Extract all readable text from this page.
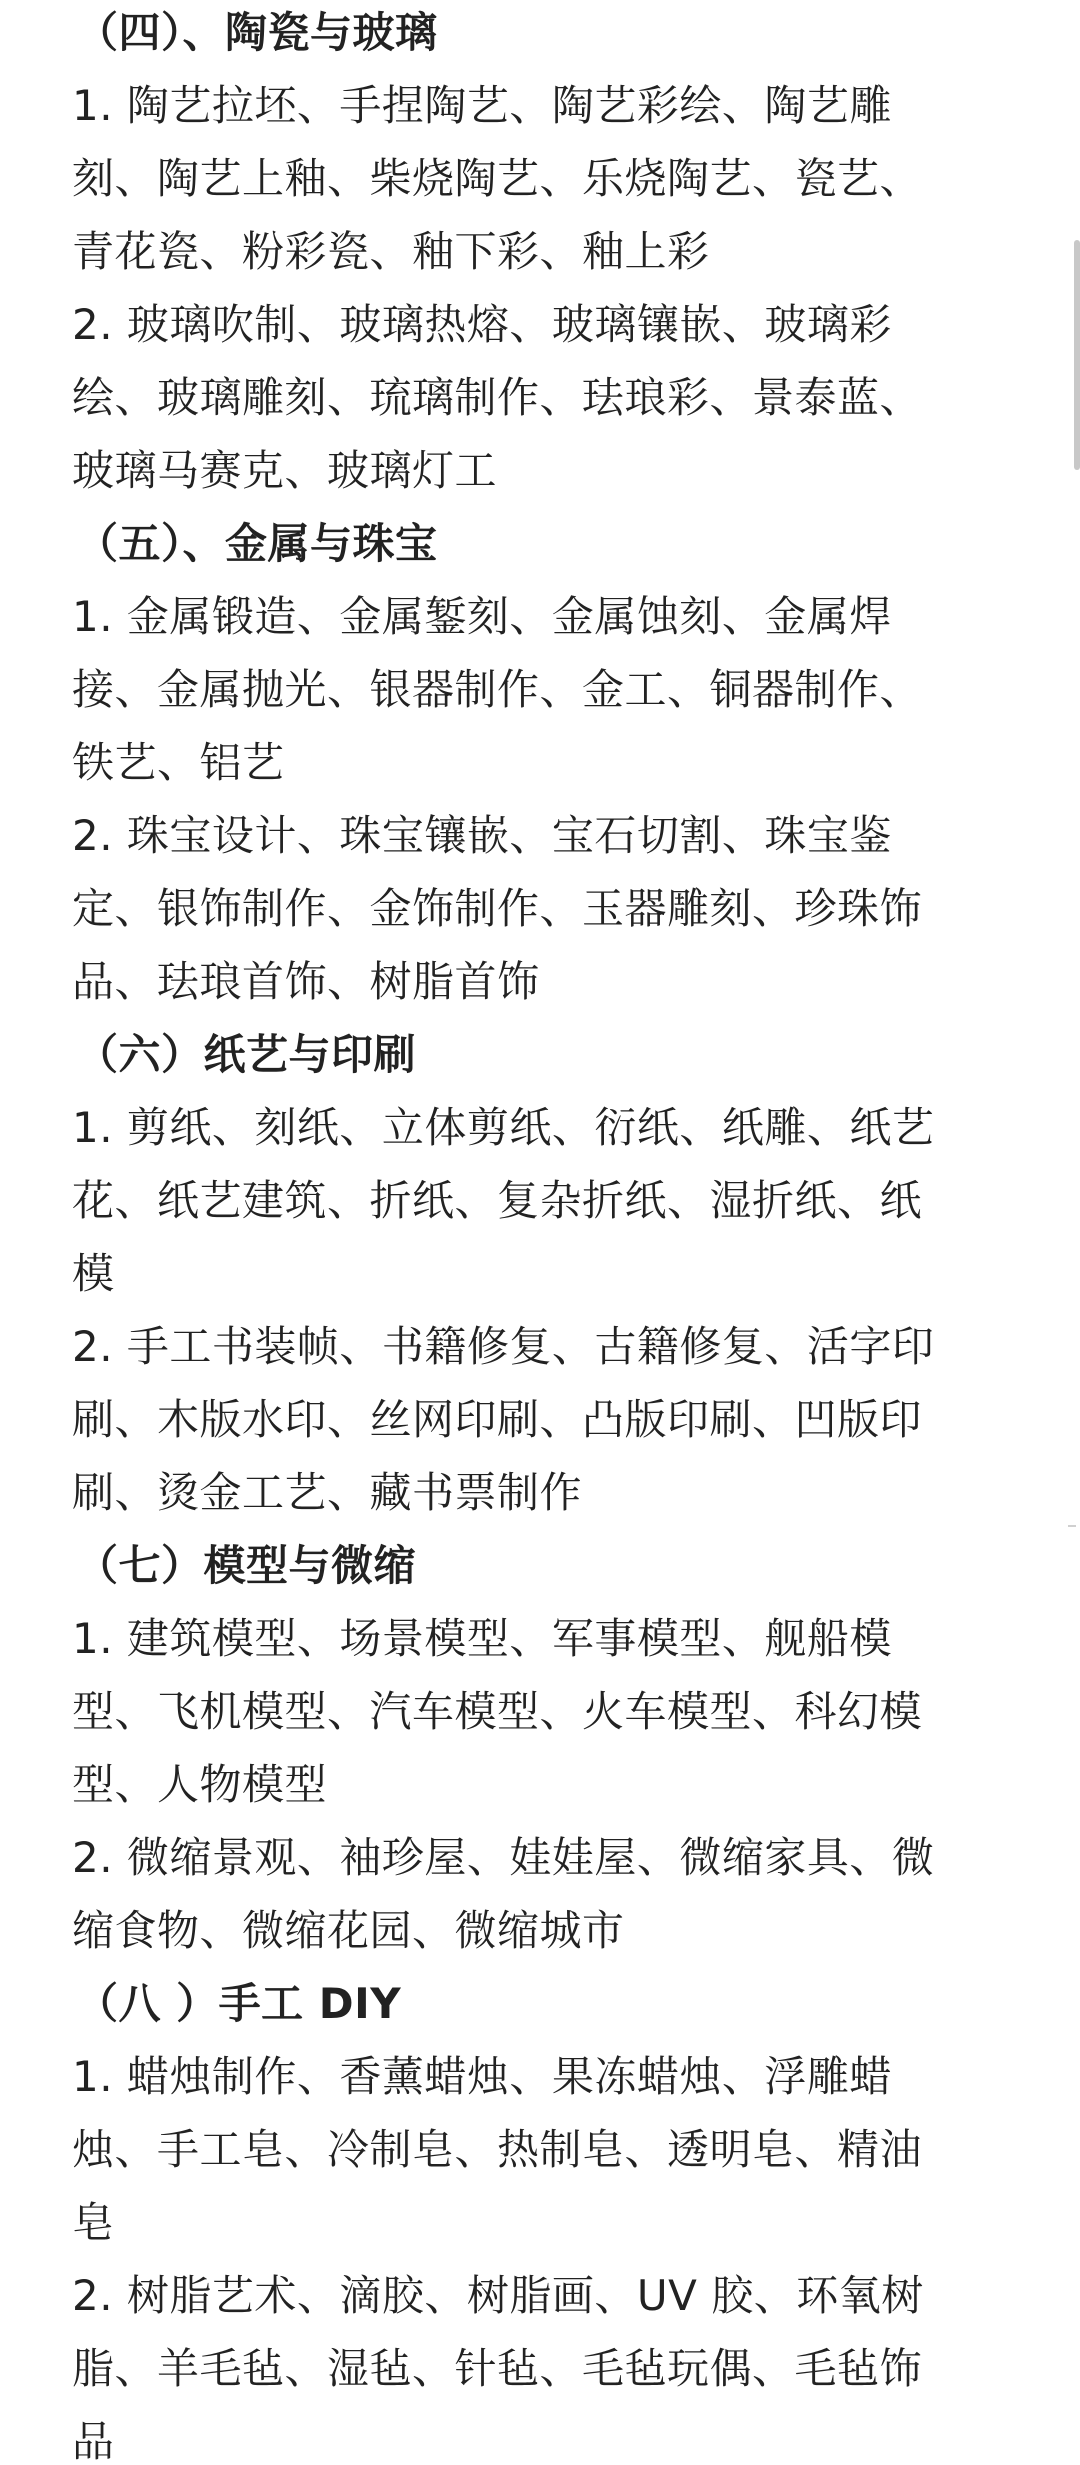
（四）、陶瓷与玻璃
1. 陶艺拉坯、手捏陶艺、陶艺彩绘、陶艺雕
刻、陶艺上釉、柴烧陶艺、乐烧陶艺、瓷艺、
青花瓷、粉彩瓷、釉下彩、釉上彩
2. 玻璃吹制、玻璃热熔、玻璃镶嵌、玻璃彩
绘、玻璃雕刻、琉璃制作、珐琅彩、景泰蓝、
玻璃马赛克、玻璃灯工
（五）、金属与珠宝
1. 金属锻造、金属錾刻、金属蚀刻、金属焊
接、金属抛光、银器制作、金工、铜器制作、
铁艺、铝艺
2. 珠宝设计、珠宝镶嵌、宝石切割、珠宝鉴
定、银饰制作、金饰制作、玉器雕刻、珍珠饰
品、珐琅首饰、树脂首饰
（六）纸艺与印刷
1. 剪纸、刻纸、立体剪纸、衍纸、纸雕、纸艺
花、纸艺建筑、折纸、复杂折纸、湿折纸、纸
模
2. 手工书装帧、书籍修复、古籍修复、活字印
刷、木版水印、丝网印刷、凸版印刷、凹版印
刷、烫金工艺、藏书票制作
（七）模型与微缩
1. 建筑模型、场景模型、军事模型、舰船模
型、飞机模型、汽车模型、火车模型、科幻模
型、人物模型
2. 微缩景观、袖珍屋、娃娃屋、微缩家具、微
缩食物、微缩花园、微缩城市
（八 ）手工 DIY
1. 蜡烛制作、香薰蜡烛、果冻蜡烛、浮雕蜡
烛、手工皂、冷制皂、热制皂、透明皂、精油
皂
2. 树脂艺术、滴胶、树脂画、UV 胶、环氧树
脂、羊毛毡、湿毡、针毡、毛毡玩偶、毛毡饰
品
